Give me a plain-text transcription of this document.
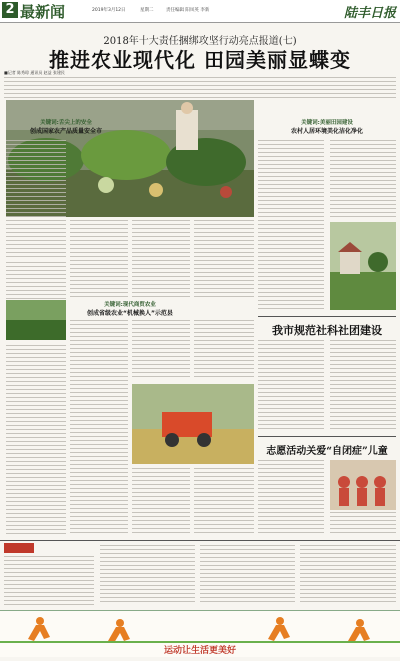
2 最新闻	2019年3月12日	星期二	责任编辑 阳凤英 李新	陆丰日报
2018年十大责任捆绑攻坚行动亮点报道(七)
推进农业现代化 田园美丽显蝶变
■记者 陈秀琼 通讯员 赵益 张建民
关键词:舌尖上的安全
创成国家农产品质量安全市
关键词:美丽田园建设
农村人居环境美化洁化净化
关键词:现代商贸农业
创成省级农业“机械换人”示范县
我市规范社科社团建设
志愿活动关爱“自闭症”儿童
运动让生活更美好
